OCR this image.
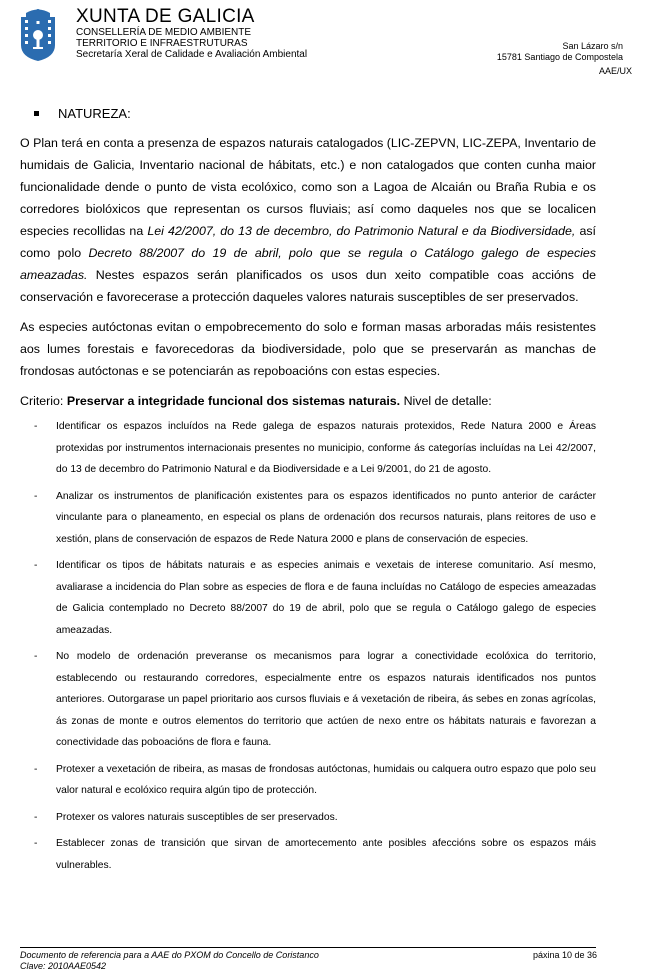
XUNTA DE GALICIA
CONSELLERÍA DE MEDIO AMBIENTE
TERRITORIO E INFRAESTRUTURAS
Secretaría Xeral de Calidade e Avaliación Ambiental
San Lázaro s/n
15781 Santiago de Compostela
AAE/UX
NATUREZA:

O Plan terá en conta a presenza de espazos naturais catalogados (LIC-ZEPVN, LIC-ZEPA, Inventario de humidais de Galicia, Inventario nacional de hábitats, etc.) e non catalogados que conten cunha maior funcionalidade dende o punto de vista ecolóxico, como son a Lagoa de Alcaián ou Braña Rubia e os corredores biolóxicos que representan os cursos fluviais; así como daqueles nos que se localicen especies recollidas na Lei 42/2007, do 13 de decembro, do Patrimonio Natural e da Biodiversidade, así como polo Decreto 88/2007 do 19 de abril, polo que se regula o Catálogo galego de especies ameazadas. Nestes espazos serán planificados os usos dun xeito compatible coas accións de conservación e favorecerase a protección daqueles valores naturais susceptibles de ser preservados.

As especies autóctonas evitan o empobrecemento do solo e forman masas arboradas máis resistentes aos lumes forestais e favorecedoras da biodiversidade, polo que se preservarán as manchas de frondosas autóctonas e se potenciarán as repoboacións con estas especies.

Criterio: Preservar a integridade funcional dos sistemas naturais. Nivel de detalle:

- Identificar os espazos incluídos na Rede galega de espazos naturais protexidos, Rede Natura 2000 e Áreas protexidas por instrumentos internacionais presentes no municipio, conforme ás categorías incluídas na Lei 42/2007, do 13 de decembro do Patrimonio Natural e da Biodiversidade e a Lei 9/2001, do 21 de agosto.
- Analizar os instrumentos de planificación existentes para os espazos identificados no punto anterior de carácter vinculante para o planeamento, en especial os plans de ordenación dos recursos naturais, plans reitores de uso e xestión, plans de conservación de espazos de Rede Natura 2000 e plans de conservación de especies.
- Identificar os tipos de hábitats naturais e as especies animais e vexetais de interese comunitario. Así mesmo, avaliarase a incidencia do Plan sobre as especies de flora e de fauna incluídas no Catálogo de especies ameazadas de Galicia contemplado no Decreto 88/2007 do 19 de abril, polo que se regula o Catálogo galego de especies ameazadas.
- No modelo de ordenación preveranse os mecanismos para lograr a conectividade ecolóxica do territorio, establecendo ou restaurando corredores, especialmente entre os espazos naturais identificados nos puntos anteriores. Outorgarase un papel prioritario aos cursos fluviais e á vexetación de ribeira, ás sebes en zonas agrícolas, ás zonas de monte e outros elementos do territorio que actúen de nexo entre os hábitats naturais e favorezan a conectividade das poboacións de flora e fauna.
- Protexer a vexetación de ribeira, as masas de frondosas autóctonas, humidais ou calquera outro espazo que polo seu valor natural e ecolóxico requira algún tipo de protección.
- Protexer os valores naturais susceptibles de ser preservados.
- Establecer zonas de transición que sirvan de amortecemento ante posibles afeccións sobre os espazos máis vulnerables.
Documento de referencia para a AAE do PXOM do Concello de Coristanco
Clave: 2010AAE0542
páxina 10 de 36
